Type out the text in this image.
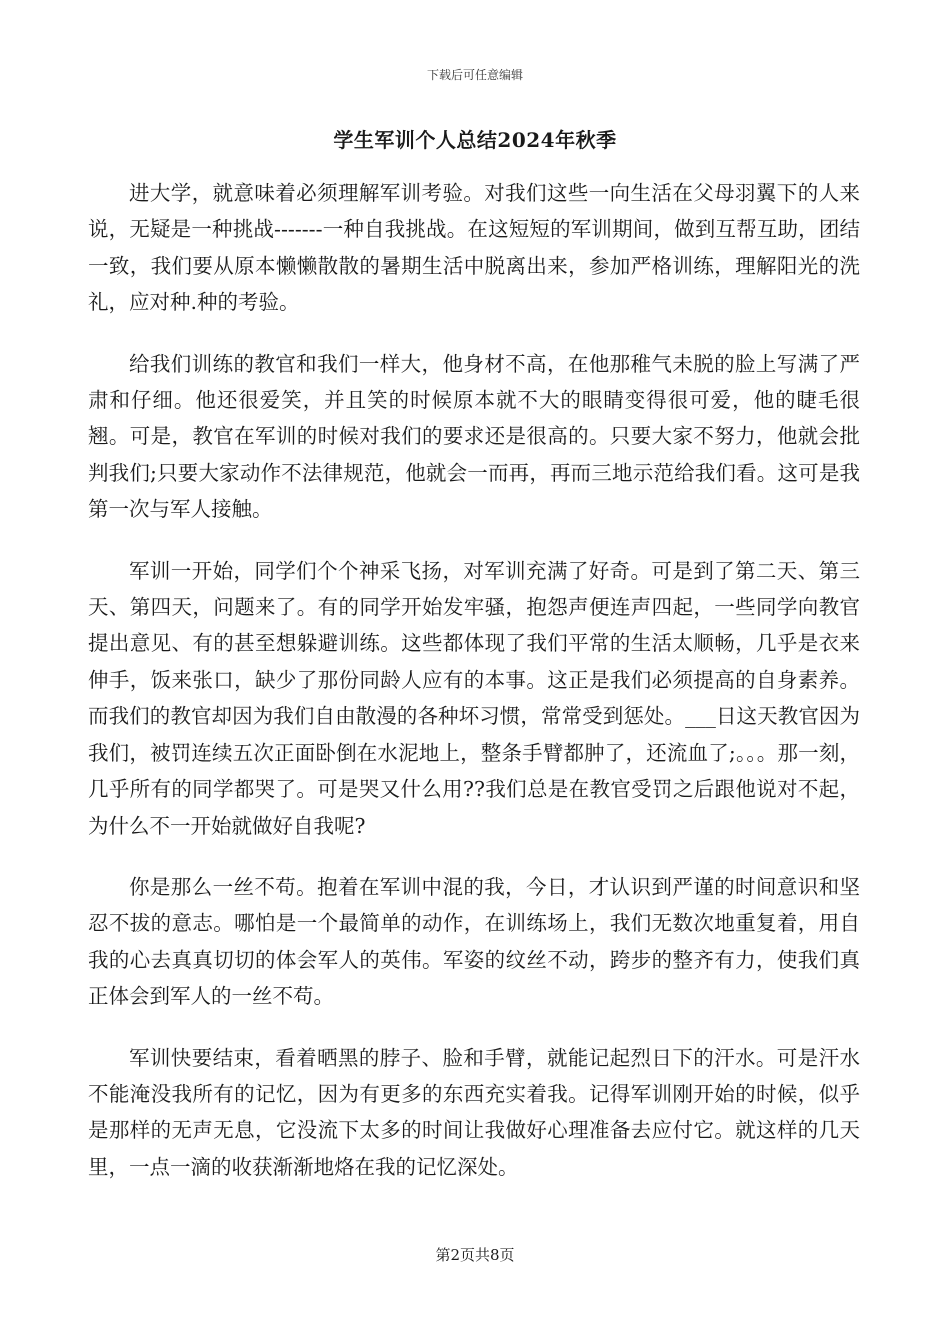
下载后可任意编辑
学生军训个人总结2024年秋季

进大学，就意味着必须理解军训考验。对我们这些一向生活在父母羽翼下的人来说，无疑是一种挑战-------一种自我挑战。在这短短的军训期间，做到互帮互助，团结一致，我们要从原本懒懒散散的暑期生活中脱离出来，参加严格训练，理解阳光的洗礼，应对种.种的考验。

给我们训练的教官和我们一样大，他身材不高，在他那稚气未脱的脸上写满了严肃和仔细。他还很爱笑，并且笑的时候原本就不大的眼睛变得很可爱，他的睫毛很翘。可是，教官在军训的时候对我们的要求还是很高的。只要大家不努力，他就会批判我们;只要大家动作不法律规范，他就会一而再，再而三地示范给我们看。这可是我第一次与军人接触。

军训一开始，同学们个个神采飞扬，对军训充满了好奇。可是到了第二天、第三天、第四天，问题来了。有的同学开始发牢骚，抱怨声便连声四起，一些同学向教官提出意见、有的甚至想躲避训练。这些都体现了我们平常的生活太顺畅，几乎是衣来伸手，饭来张口，缺少了那份同龄人应有的本事。这正是我们必须提高的自身素养。而我们的教官却因为我们自由散漫的各种坏习惯，常常受到惩处。___日这天教官因为我们，被罚连续五次正面卧倒在水泥地上，整条手臂都肿了，还流血了;。。。那一刻，几乎所有的同学都哭了。可是哭又什么用??我们总是在教官受罚之后跟他说对不起，为什么不一开始就做好自我呢?

你是那么一丝不苟。抱着在军训中混的我，今日，才认识到严谨的时间意识和坚忍不拔的意志。哪怕是一个最简单的动作，在训练场上，我们无数次地重复着，用自我的心去真真切切的体会军人的英伟。军姿的纹丝不动，跨步的整齐有力，使我们真正体会到军人的一丝不苟。

军训快要结束，看着晒黑的脖子、脸和手臂，就能记起烈日下的汗水。可是汗水不能淹没我所有的记忆，因为有更多的东西充实着我。记得军训刚开始的时候，似乎是那样的无声无息，它没流下太多的时间让我做好心理准备去应付它。就这样的几天里，一点一滴的收获渐渐地烙在我的记忆深处。

第2页共8页
